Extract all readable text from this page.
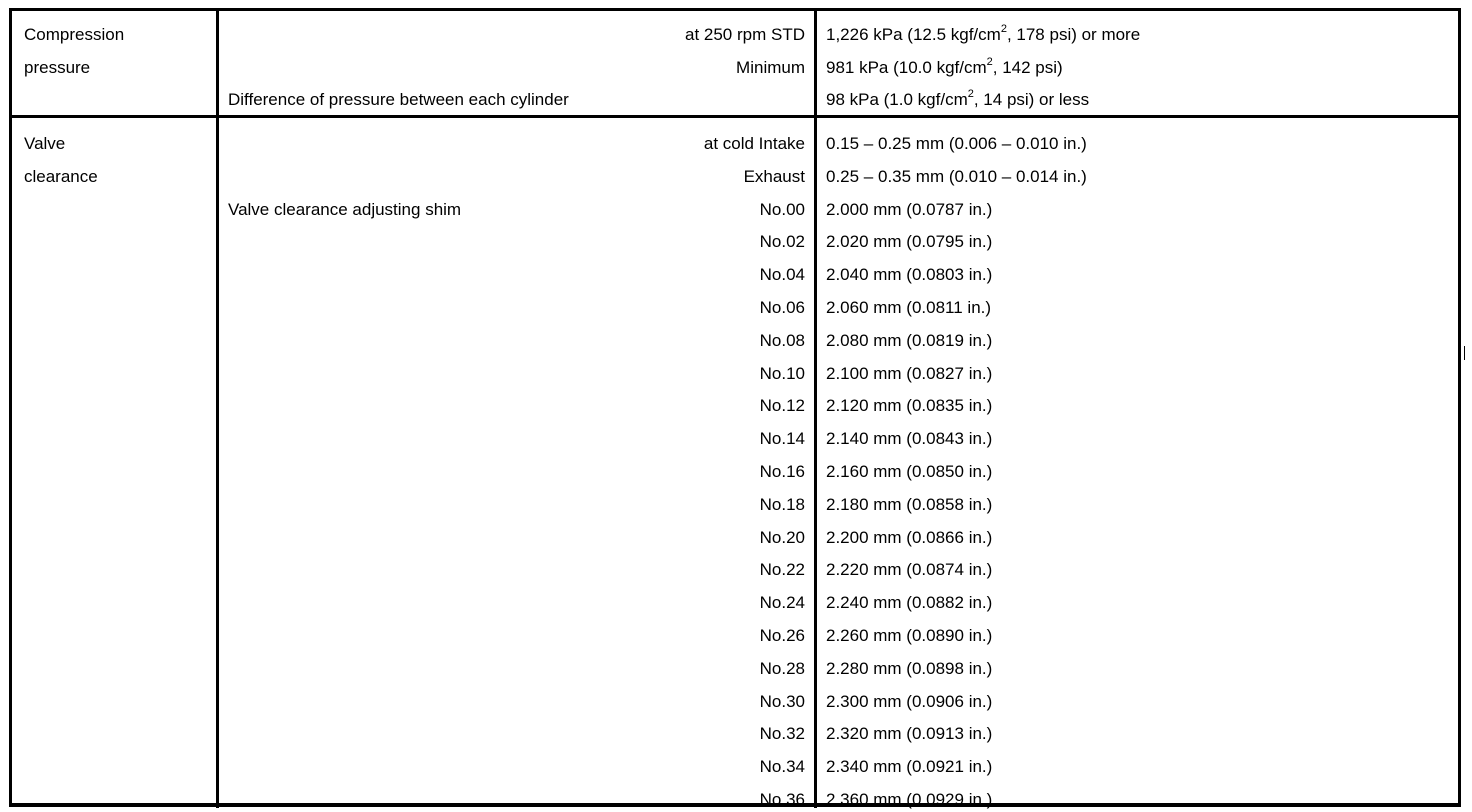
Compression
pressure
at 250 rpm STD 1,226 kPa (12.5 kgf/$cm^2$, 178 psi) or more
Minimum 981 kPa (10.0 kgf/$cm^2$, 142 psi)
Difference of pressure between each cylinder	98 kPa (1.0 kgf/$cm^2$, 14 psi) or less
Valve
clearance
Valve clearance adjusting shim
at cold Intake 0.15 – 0.25 mm (0.006 – 0.010 in.)
Exhaust 0.25 – 0.35 mm (0.010 – 0.014 in.)
No.00 2.000 mm (0.0787 in.)
No.02 2.020 mm (0.0795 in.)
No.04 2.040 mm (0.0803 in.)
No.06 2.060 mm (0.0811 in.)
No.08 2.080 mm (0.0819 in.)
No.10 2.100 mm (0.0827 in.)
No.12 2.120 mm (0.0835 in.)
No.14 2.140 mm (0.0843 in.)
No.16 2.160 mm (0.0850 in.)
No.18 2.180 mm (0.0858 in.)
No.20 2.200 mm (0.0866 in.)
No.22 2.220 mm (0.0874 in.)
No.24 2.240 mm (0.0882 in.)
No.26 2.260 mm (0.0890 in.)
No.28 2.280 mm (0.0898 in.)
No.30 2.300 mm (0.0906 in.)
No.32 2.320 mm (0.0913 in.)
No.34 2.340 mm (0.0921 in.)
No.36 2.360 mm (0.0929 in.)
